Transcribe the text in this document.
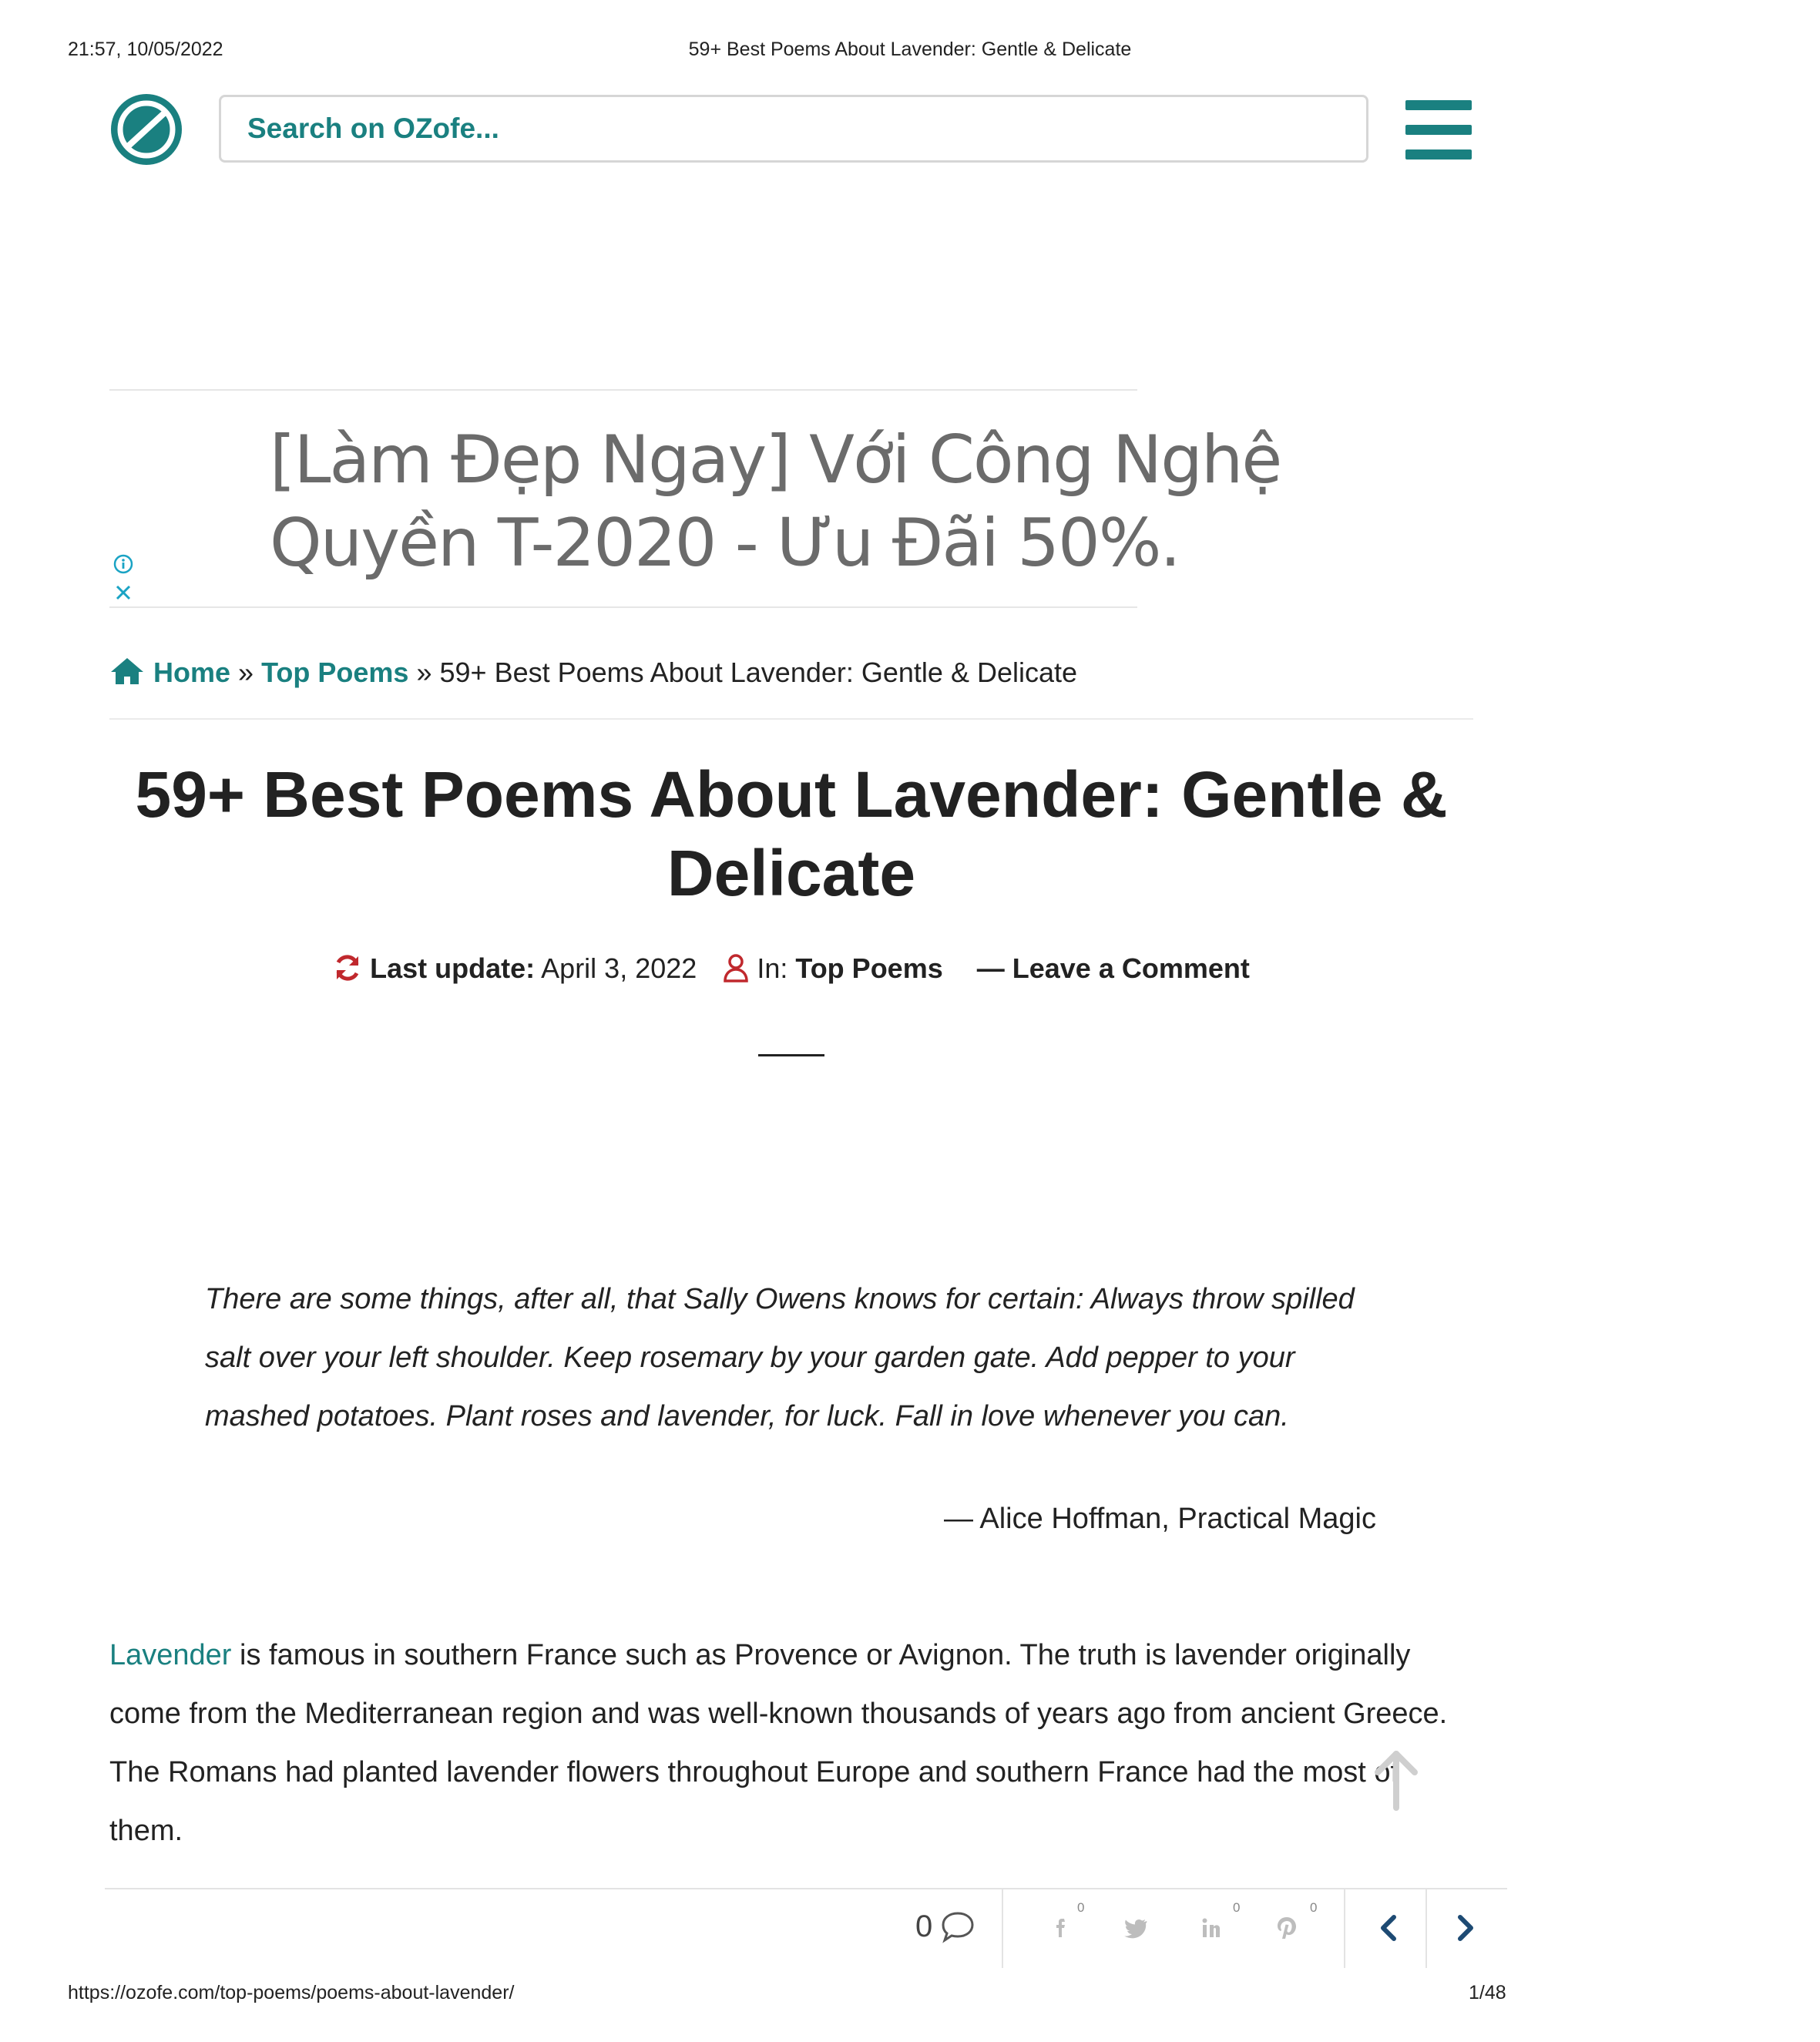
21:57, 10/05/2022	59+ Best Poems About Lavender: Gentle & Delicate
Search on OZofe...
[Làm Đẹp Ngay] Với Công Nghệ
Quyền T-2020 - Ưu Đãi 50%.
Home » Top Poems » 59+ Best Poems About Lavender: Gentle & Delicate
59+ Best Poems About Lavender: Gentle & Delicate
Last update: April 3, 2022 In: Top Poems — Leave a Comment
There are some things, after all, that Sally Owens knows for certain: Always throw spilled salt over your left shoulder. Keep rosemary by your garden gate. Add pepper to your mashed potatoes. Plant roses and lavender, for luck. Fall in love whenever you can.
— Alice Hoffman, Practical Magic
Lavender is famous in southern France such as Provence or Avignon. The truth is lavender originally come from the Mediterranean region and was well-known thousands of years ago from ancient Greece. The Romans had planted lavender flowers throughout Europe and southern France had the most of them.
0
0	0	0
https://ozofe.com/top-poems/poems-about-lavender/	1/48
